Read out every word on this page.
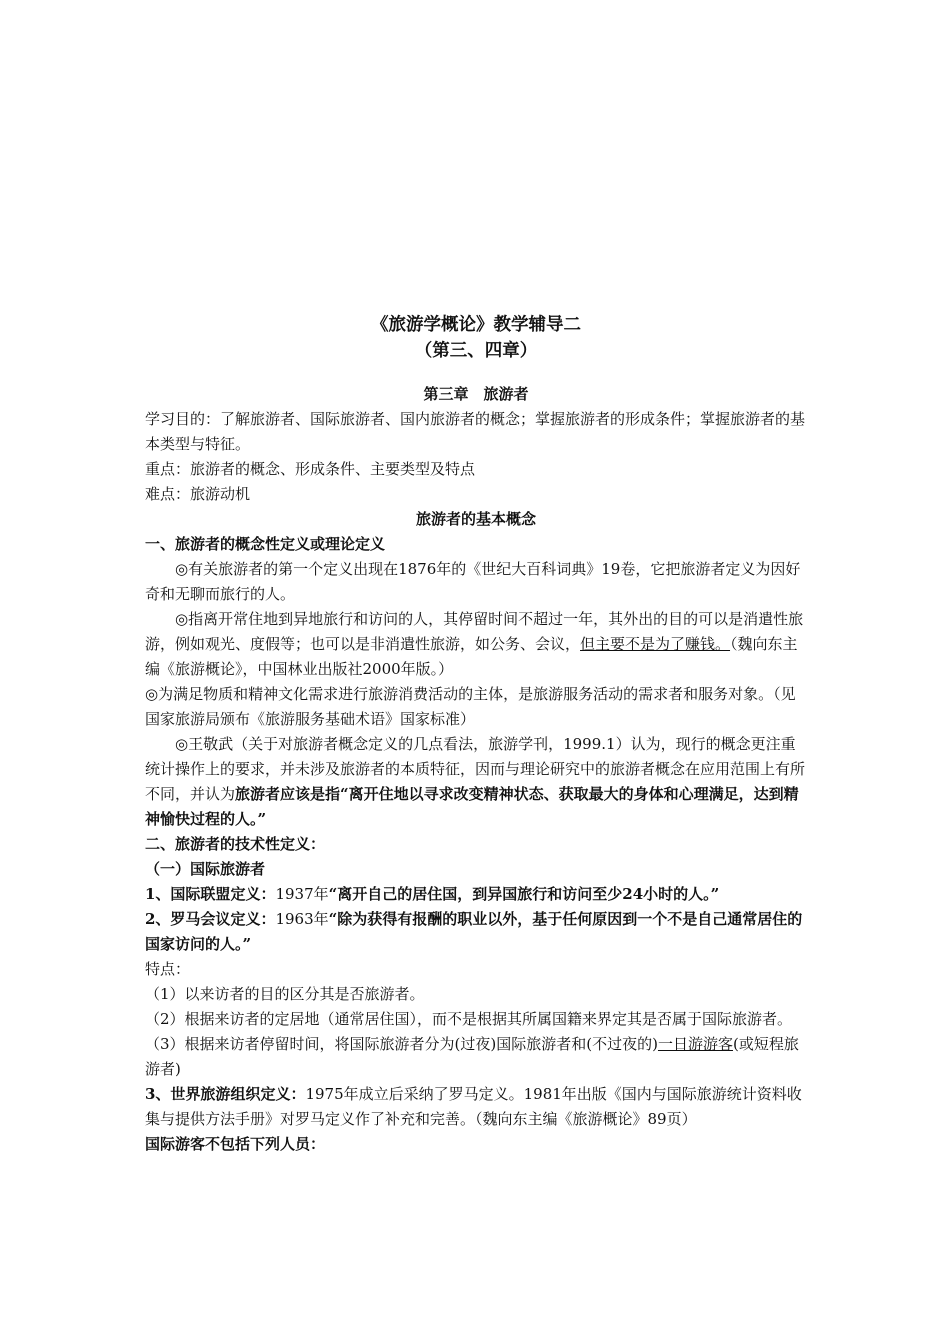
《旅游学概论》教学辅导二

（第三、四章）

第三章　旅游者

学习目的：了解旅游者、国际旅游者、国内旅游者的概念；掌握旅游者的形成条件；掌握旅游者的基本类型与特征。

重点：旅游者的概念、形成条件、主要类型及特点

难点：旅游动机

旅游者的基本概念

一、旅游者的概念性定义或理论定义

◎有关旅游者的第一个定义出现在1876年的《世纪大百科词典》19卷，它把旅游者定义为因好奇和无聊而旅行的人。

◎指离开常住地到异地旅行和访问的人，其停留时间不超过一年，其外出的目的可以是消遣性旅游，例如观光、度假等；也可以是非消遣性旅游，如公务、会议，但主要不是为了赚钱。（魏向东主编《旅游概论》，中国林业出版社2000年版。）

◎为满足物质和精神文化需求进行旅游消费活动的主体，是旅游服务活动的需求者和服务对象。（见国家旅游局颁布《旅游服务基础术语》国家标准）

◎王敬武（关于对旅游者概念定义的几点看法，旅游学刊，1999.1）认为，现行的概念更注重统计操作上的要求，并未涉及旅游者的本质特征，因而与理论研究中的旅游者概念在应用范围上有所不同，并认为旅游者应该是指“离开住地以寻求改变精神状态、获取最大的身体和心理满足，达到精神愉快过程的人。”

二、旅游者的技术性定义：

（一）国际旅游者

1、国际联盟定义：1937年“离开自己的居住国，到异国旅行和访问至少24小时的人。”

2、罗马会议定义：1963年“除为获得有报酬的职业以外，基于任何原因到一个不是自己通常居住的国家访问的人。”

特点：

（1）以来访者的目的区分其是否旅游者。

（2）根据来访者的定居地（通常居住国），而不是根据其所属国籍来界定其是否属于国际旅游者。

（3）根据来访者停留时间，将国际旅游者分为(过夜)国际旅游者和(不过夜的)一日游游客(或短程旅游者)

3、世界旅游组织定义：1975年成立后采纳了罗马定义。1981年出版《国内与国际旅游统计资料收集与提供方法手册》对罗马定义作了补充和完善。（魏向东主编《旅游概论》89页）

国际游客不包括下列人员：
